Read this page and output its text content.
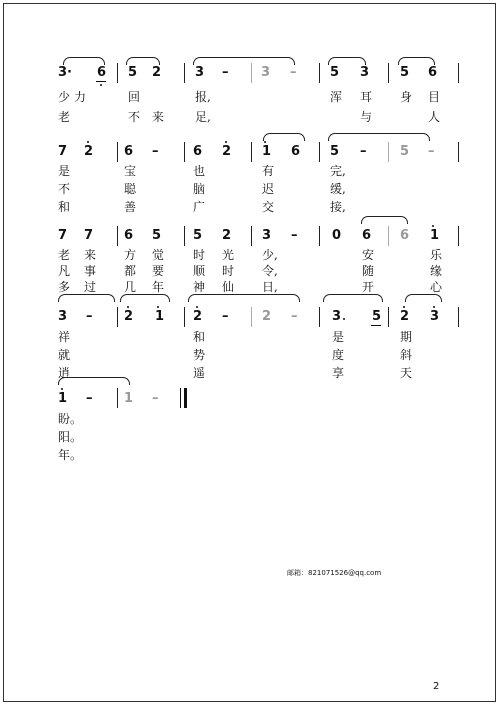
3· 6 5 2	3 –	3 –	5 3 5 6
少 力	回	报,	浑 耳 身 目
老	不 来	足,	与	人
7 2 6 –	6 2 1 6 5 –	5 –
是	宝	也	有	完,
不	聪	脑	迟	缓,
和	善	广	交	接,
7 7 6 5 5 2 3 –	0 6 6 1
老 来 方 觉 时 光 少,	安	乐
凡 事 都 要 顺 时 令,	随	缘
多 过 几 年 神 仙 日,	开	心
3 – 2 1 2 –	2 –	3 5 2 3
祥	和	是	期
就	势	度	斜
逍	遥	享	天
1 – 1 –
盼。
阳。
年。
邮箱：821071526@qq.com
2
